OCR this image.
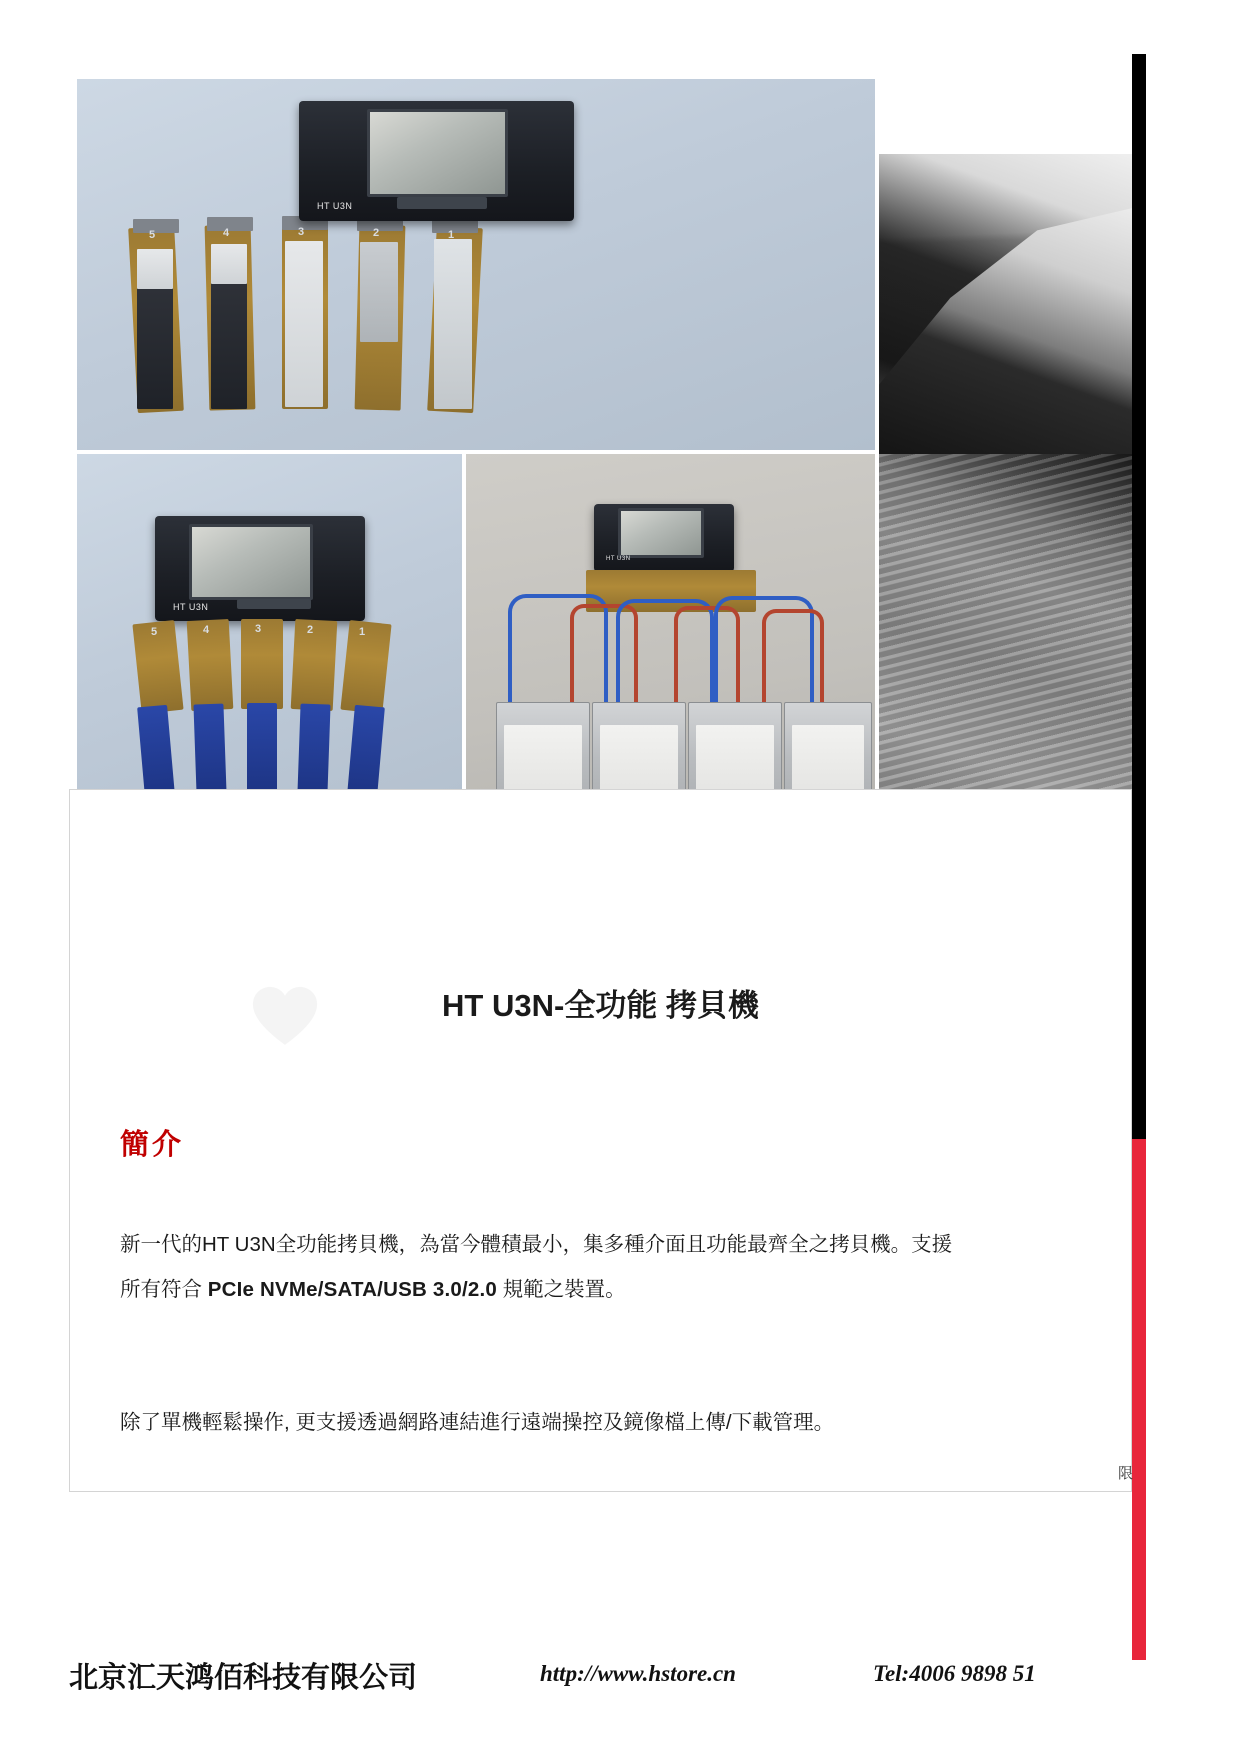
HT U3N
5	4	3	2	1
HT U3N
5	4	3	2	1
HT U3N
HT U3N-全功能 拷貝機
簡介
新一代的HT U3N全功能拷貝機，為當今體積最小，集多種介面且功能最齊全之拷貝機。支援所有符合 PCIe NVMe/SATA/USB 3.0/2.0 規範之裝置。
除了單機輕鬆操作, 更支援透過網路連結進行遠端操控及鏡像檔上傳/下載管理。
限
北京汇天鸿佰科技有限公司	http://www.hstore.cn	Tel:4006 9898 51
